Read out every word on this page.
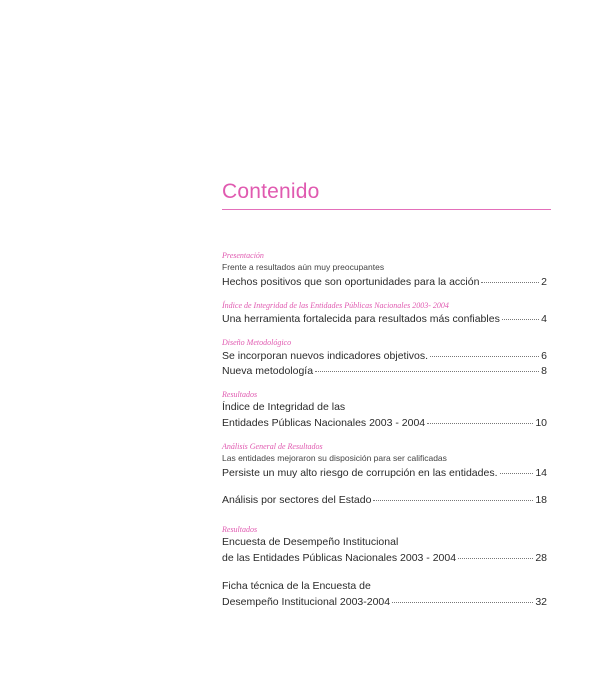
Contenido
Presentación
Frente a resultados aún muy preocupantes
Hechos positivos que son oportunidades para la acción	2
Índice de Integridad de las Entidades Públicas Nacionales 2003- 2004
Una herramienta fortalecida para resultados más confiables	4
Diseño Metodológico
Se incorporan nuevos indicadores objetivos.	6
Nueva metodología	8
Resultados
Índice de Integridad de las
Entidades Públicas Nacionales 2003 - 2004	10
Análisis General de Resultados
Las entidades mejoraron su disposición para ser calificadas
Persiste un muy alto riesgo de corrupción en las entidades.	14
Análisis por sectores del Estado	18
Resultados
Encuesta de Desempeño Institucional
de las Entidades Públicas Nacionales 2003 - 2004	28
Ficha técnica de la Encuesta de
Desempeño Institucional 2003-2004	32
